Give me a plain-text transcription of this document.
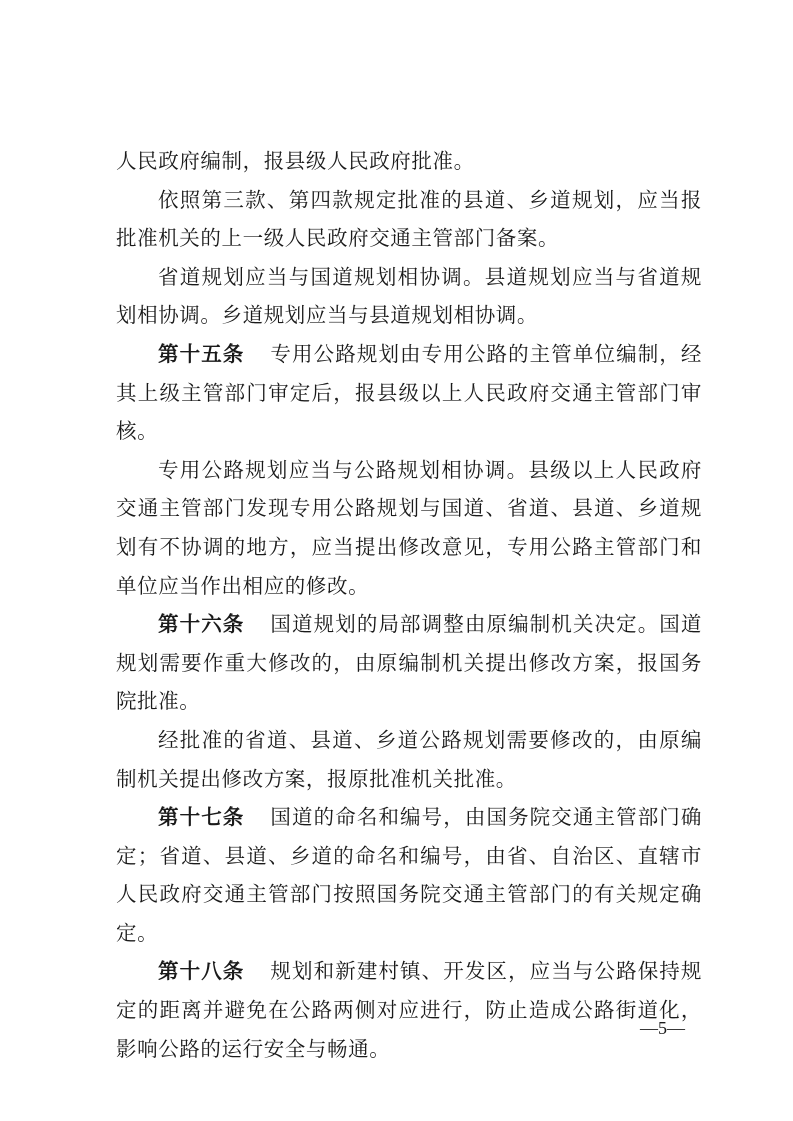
人民政府编制，报县级人民政府批准。

依照第三款、第四款规定批准的县道、乡道规划，应当报批准机关的上一级人民政府交通主管部门备案。

省道规划应当与国道规划相协调。县道规划应当与省道规划相协调。乡道规划应当与县道规划相协调。

第十五条 专用公路规划由专用公路的主管单位编制，经其上级主管部门审定后，报县级以上人民政府交通主管部门审核。

专用公路规划应当与公路规划相协调。县级以上人民政府交通主管部门发现专用公路规划与国道、省道、县道、乡道规划有不协调的地方，应当提出修改意见，专用公路主管部门和单位应当作出相应的修改。

第十六条 国道规划的局部调整由原编制机关决定。国道规划需要作重大修改的，由原编制机关提出修改方案，报国务院批准。

经批准的省道、县道、乡道公路规划需要修改的，由原编制机关提出修改方案，报原批准机关批准。

第十七条 国道的命名和编号，由国务院交通主管部门确定；省道、县道、乡道的命名和编号，由省、自治区、直辖市人民政府交通主管部门按照国务院交通主管部门的有关规定确定。

第十八条 规划和新建村镇、开发区，应当与公路保持规定的距离并避免在公路两侧对应进行，防止造成公路街道化，影响公路的运行安全与畅通。

—5—
